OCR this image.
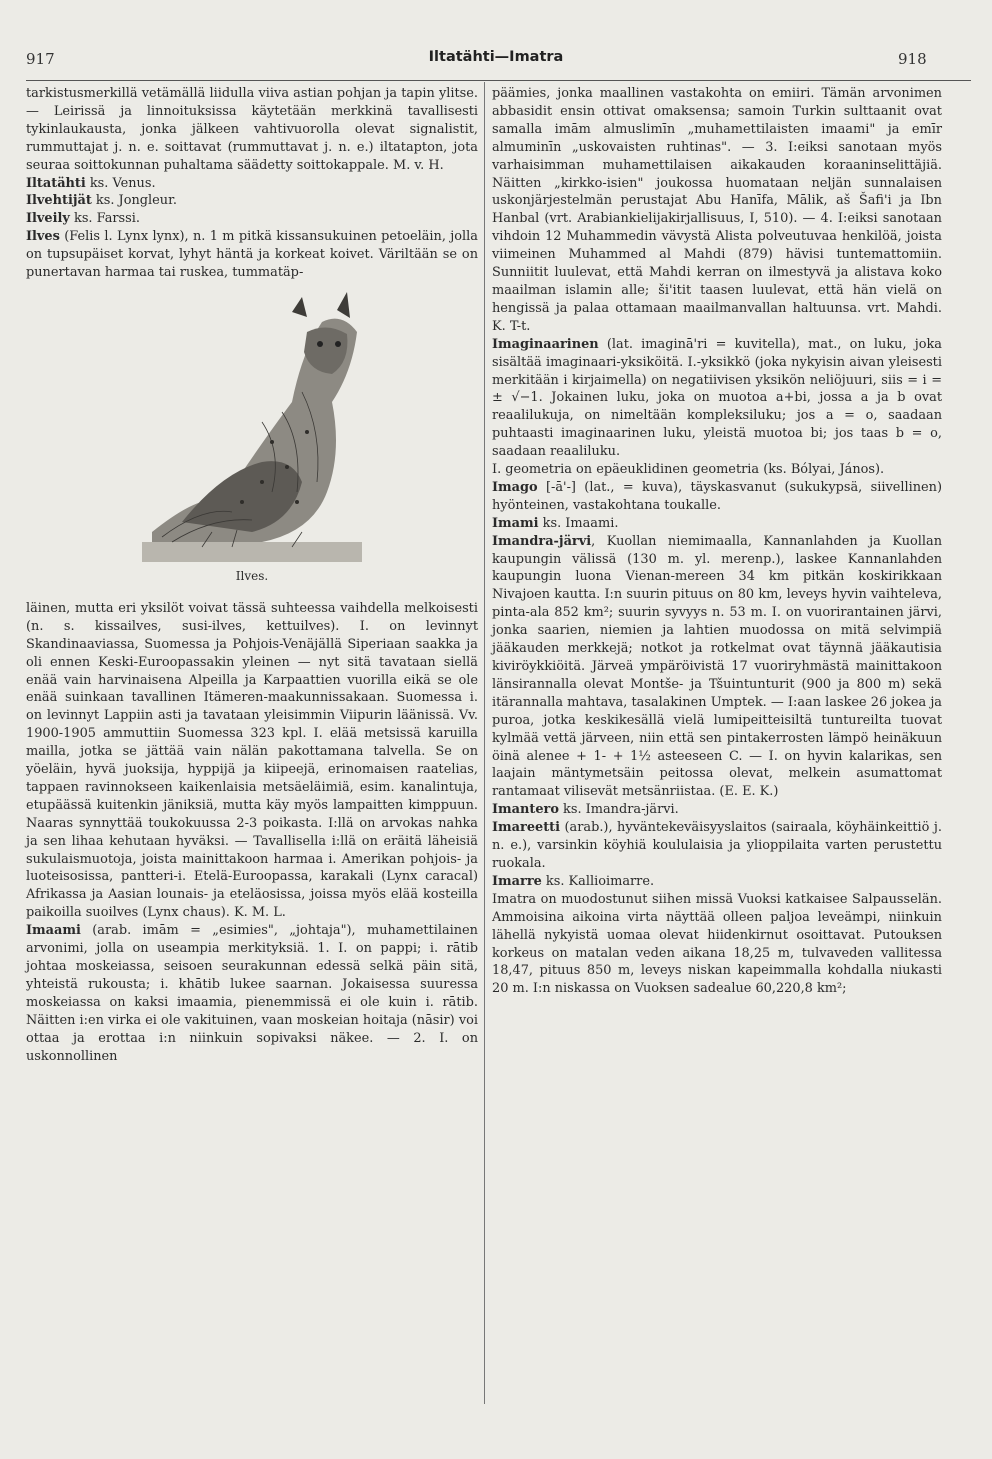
917	Iltatähti—Imatra	918

tarkistusmerkillä vetämällä liidulla viiva astian pohjan ja tapin ylitse. — Leirissä ja linnoituksissa käytetään merkkinä tavallisesti tykinlaukausta, jonka jälkeen vahtivuorolla olevat signalistit, rummuttajat j. n. e. soittavat (rummuttavat j. n. e.) iltatapton, jota seuraa soittokunnan puhaltama säädetty soittokappale. M. v. H.

Iltatähti ks. Venus.

Ilvehtijät ks. Jongleur.

Ilveily ks. Farssi.

Ilves (Felis l. Lynx lynx), n. 1 m pitkä kissansukuinen petoeläin, jolla on tupsupäiset korvat, lyhyt häntä ja korkeat koivet. Väriltään se on punertavan harmaa tai ruskea, tummatäp-

Ilves.

läinen, mutta eri yksilöt voivat tässä suhteessa vaihdella melkoisesti (n. s. kissailves, susi-ilves, kettuilves). I. on levinnyt Skandinaaviassa, Suomessa ja Pohjois-Venäjällä Siperiaan saakka ja oli ennen Keski-Euroopassakin yleinen — nyt sitä tavataan siellä enää vain harvinaisena Alpeilla ja Karpaattien vuorilla eikä se ole enää suinkaan tavallinen Itämeren-maakunnissakaan. Suomessa i. on levinnyt Lappiin asti ja tavataan yleisimmin Viipurin läänissä. Vv. 1900-1905 ammuttiin Suomessa 323 kpl. I. elää metsissä karuilla mailla, jotka se jättää vain nälän pakottamana talvella. Se on yöeläin, hyvä juoksija, hyppijä ja kiipeejä, erinomaisen raatelias, tappaen ravinnokseen kaikenlaisia metsäeläimiä, esim. kanalintuja, etupäässä kuitenkin jäniksiä, mutta käy myös lampaitten kimppuun. Naaras synnyttää toukokuussa 2-3 poikasta. I:llä on arvokas nahka ja sen lihaa kehutaan hyväksi. — Tavallisella i:llä on eräitä läheisiä sukulaismuotoja, joista mainittakoon harmaa i. Amerikan pohjois- ja luoteisosissa, pantteri-i. Etelä-Euroopassa, karakali (Lynx caracal) Afrikassa ja Aasian lounais- ja eteläosissa, joissa myös elää kosteilla paikoilla suoilves (Lynx chaus). K. M. L.

Imaami (arab. imām = „esimies", „johtaja"), muhamettilainen arvonimi, jolla on useampia merkityksiä. 1. I. on pappi; i. rātib johtaa moskeiassa, seisoen seurakunnan edessä selkä päin sitä, yhteistä rukousta; i. khātib lukee saarnan. Jokaisessa suuressa moskeiassa on kaksi imaamia, pienemmissä ei ole kuin i. rātib. Näitten i:en virka ei ole vakituinen, vaan moskeian hoitaja (nāsir) voi ottaa ja erottaa i:n niinkuin sopivaksi näkee. — 2. I. on uskonnollinen

päämies, jonka maallinen vastakohta on emiiri. Tämän arvonimen abbasidit ensin ottivat omaksensa; samoin Turkin sulttaanit ovat samalla imām almuslimīn „muhamettilaisten imaami" ja emīr almuminīn „uskovaisten ruhtinas". — 3. I:eiksi sanotaan myös varhaisimman muhamettilaisen aikakauden koraaninselittäjiä. Näitten „kirkko-isien" joukossa huomataan neljän sunnalaisen uskonjärjestelmän perustajat Abu Hanīfa, Mālik, aš Šafi'i ja Ibn Hanbal (vrt. Arabiankielijakirjallisuus, I, 510). — 4. I:eiksi sanotaan vihdoin 12 Muhammedin vävystä Alista polveutuvaa henkilöä, joista viimeinen Muhammed al Mahdi (879) hävisi tuntemattomiin. Sunniitit luulevat, että Mahdi kerran on ilmestyvä ja alistava koko maailman islamin alle; ši'itit taasen luulevat, että hän vielä on hengissä ja palaa ottamaan maailmanvallan haltuunsa. vrt. Mahdi. K. T-t.

Imaginaarinen (lat. imaginā'ri = kuvitella), mat., on luku, joka sisältää imaginaari-yksiköitä. I.-yksikkö (joka nykyisin aivan yleisesti merkitään i kirjaimella) on negatiivisen yksikön neliöjuuri, siis = i = ± √−1. Jokainen luku, joka on muotoa a+bi, jossa a ja b ovat reaalilukuja, on nimeltään kompleksiluku; jos a = o, saadaan puhtaasti imaginaarinen luku, yleistä muotoa bi; jos taas b = o, saadaan reaaliluku.

I. geometria on epäeuklidinen geometria (ks. Bólyai, János).

Imago [-ā'-] (lat., = kuva), täyskasvanut (sukukypsä, siivellinen) hyönteinen, vastakohtana toukalle.

Imami ks. Imaami.

Imandra-järvi, Kuollan niemimaalla, Kannanlahden ja Kuollan kaupungin välissä (130 m. yl. merenp.), laskee Kannanlahden kaupungin luona Vienan-mereen 34 km pitkän koskirikkaan Nivajoen kautta. I:n suurin pituus on 80 km, leveys hyvin vaihteleva, pinta-ala 852 km²; suurin syvyys n. 53 m. I. on vuorirantainen järvi, jonka saarien, niemien ja lahtien muodossa on mitä selvimpiä jääkauden merkkejä; notkot ja rotkelmat ovat täynnä jääkautisia kiviröykkiöitä. Järveä ympäröivistä 17 vuoriryhmästä mainittakoon länsirannalla olevat Montše- ja Tšuintunturit (900 ja 800 m) sekä itärannalla mahtava, tasalakinen Umptek. — I:aan laskee 26 jokea ja puroa, jotka keskikesällä vielä lumipeitteisiltä tuntureilta tuovat kylmää vettä järveen, niin että sen pintakerrosten lämpö heinäkuun öinä alenee + 1- + 1½ asteeseen C. — I. on hyvin kalarikas, sen laajain mäntymetsäin peitossa olevat, melkein asumattomat rantamaat vilisevät metsänriistaa. (E. E. K.)

Imantero ks. Imandra-järvi.

Imareetti (arab.), hyväntekeväisyyslaitos (sairaala, köyhäinkeittiö j. n. e.), varsinkin köyhiä koululaisia ja ylioppilaita varten perustettu ruokala.

Imarre ks. Kallioimarre.

Imatra on muodostunut siihen missä Vuoksi katkaisee Salpausselän. Ammoisina aikoina virta näyttää olleen paljoa leveämpi, niinkuin lähellä nykyistä uomaa olevat hiidenkirnut osoittavat. Putouksen korkeus on matalan veden aikana 18,25 m, tulvaveden vallitessa 18,47, pituus 850 m, leveys niskan kapeimmalla kohdalla niukasti 20 m. I:n niskassa on Vuoksen sadealue 60,220,8 km²;
